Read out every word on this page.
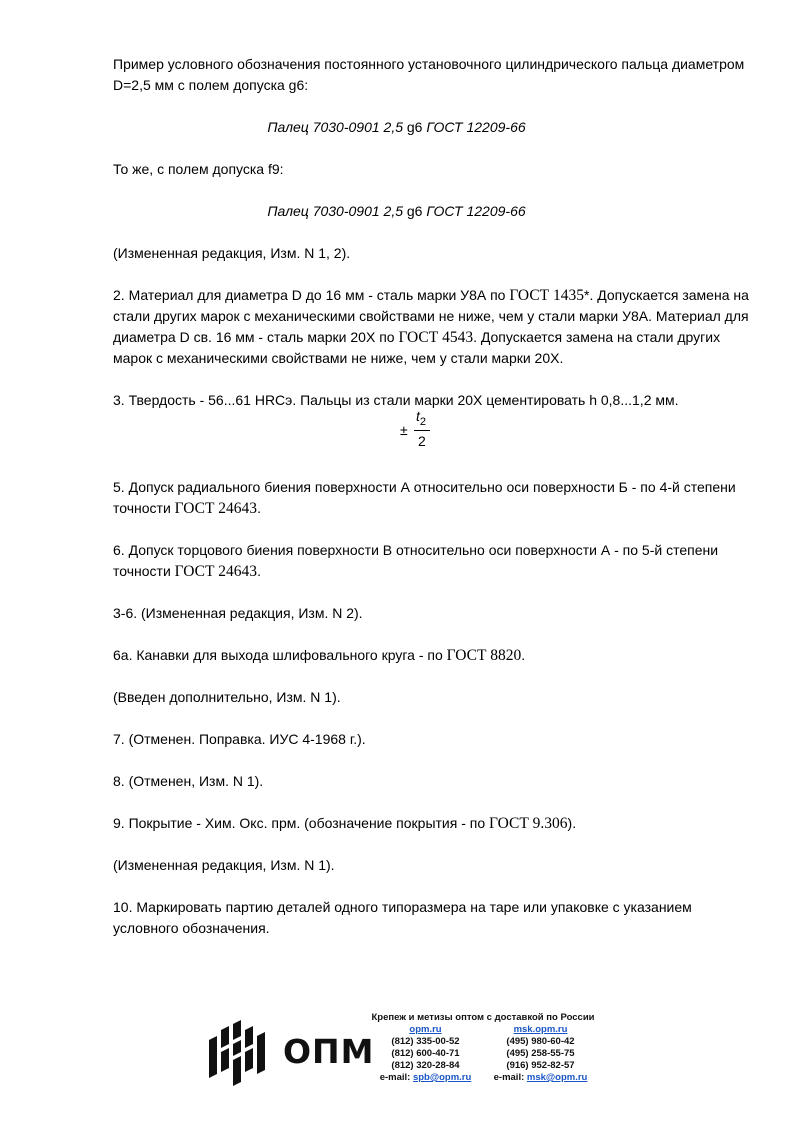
Пример условного обозначения постоянного установочного цилиндрического пальца диаметром D=2,5 мм с полем допуска g6:

Палец 7030-0901 2,5 g6 ГОСТ 12209-66

То же, с полем допуска f9:

Палец 7030-0901 2,5 g6 ГОСТ 12209-66

(Измененная редакция, Изм. N 1, 2).

2. Материал для диаметра D до 16 мм - сталь марки У8А по ГОСТ 1435*. Допускается замена на стали других марок с механическими свойствами не ниже, чем у стали марки У8А. Материал для диаметра D св. 16 мм - сталь марки 20Х по ГОСТ 4543. Допускается замена на стали других марок с механическими свойствами не ниже, чем у стали марки 20Х.

3. Твердость - 56...61 HRCэ. Пальцы из стали марки 20Х цементировать h 0,8...1,2 мм.

±
$t_2$
2

5. Допуск радиального биения поверхности А относительно оси поверхности Б - по 4-й степени точности ГОСТ 24643.

6. Допуск торцового биения поверхности В относительно оси поверхности А - по 5-й степени точности ГОСТ 24643.

3-6. (Измененная редакция, Изм. N 2).

6а. Канавки для выхода шлифовального круга - по ГОСТ 8820.

(Введен дополнительно, Изм. N 1).

7. (Отменен. Поправка. ИУС 4-1968 г.).

8. (Отменен, Изм. N 1).

9. Покрытие - Хим. Окс. прм. (обозначение покрытия - по ГОСТ 9.306).

(Измененная редакция, Изм. N 1).

10. Маркировать партию деталей одного типоразмера на таре или упаковке с указанием условного обозначения.

ОПМ
Крепеж и метизы оптом с доставкой по России
opm.ru
(812) 335-00-52
(812) 600-40-71
(812) 320-28-84
e-mail: spb@opm.ru
msk.opm.ru
(495) 980-60-42
(495) 258-55-75
(916) 952-82-57
e-mail: msk@opm.ru
